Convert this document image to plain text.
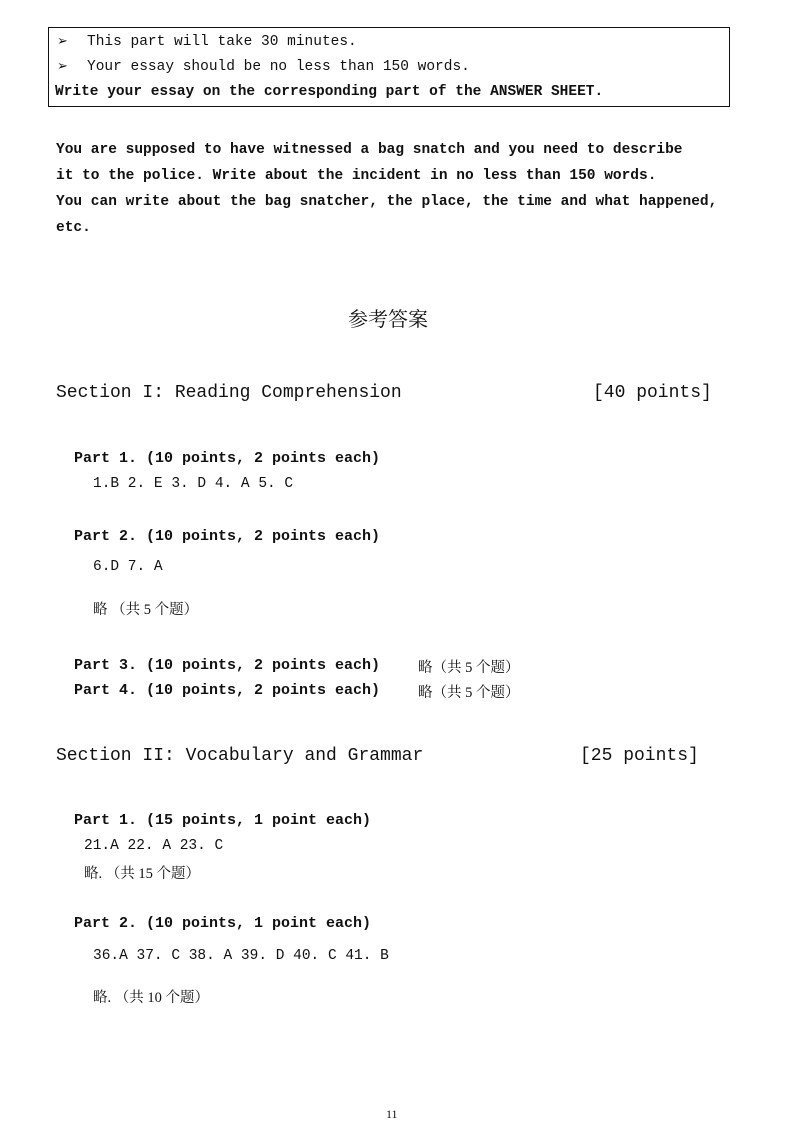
➢ This part will take 30 minutes.
➢ Your essay should be no less than 150 words.
Write your essay on the corresponding part of the ANSWER SHEET.
You are supposed to have witnessed a bag snatch and you need to describe
it to the police. Write about the incident in no less than 150 words.
You can write about the bag snatcher, the place, the time and what happened,
etc.
参考答案
Section I: Reading Comprehension	[40 points]
Part 1. (10 points, 2 points each)
1.B 2. E 3. D 4. A 5. C
Part 2. (10 points, 2 points each)
6.D 7. A
略 （共 5 个题）
Part 3. (10 points, 2 points each)	略（共 5 个题）
Part 4. (10 points, 2 points each)	略（共 5 个题）
Section II: Vocabulary and Grammar	[25 points]
Part 1. (15 points, 1 point each)
21.A 22. A 23. C
略. （共 15 个题）
Part 2. (10 points, 1 point each)
36.A 37. C 38. A 39. D 40. C 41. B
略. （共 10 个题）
11
